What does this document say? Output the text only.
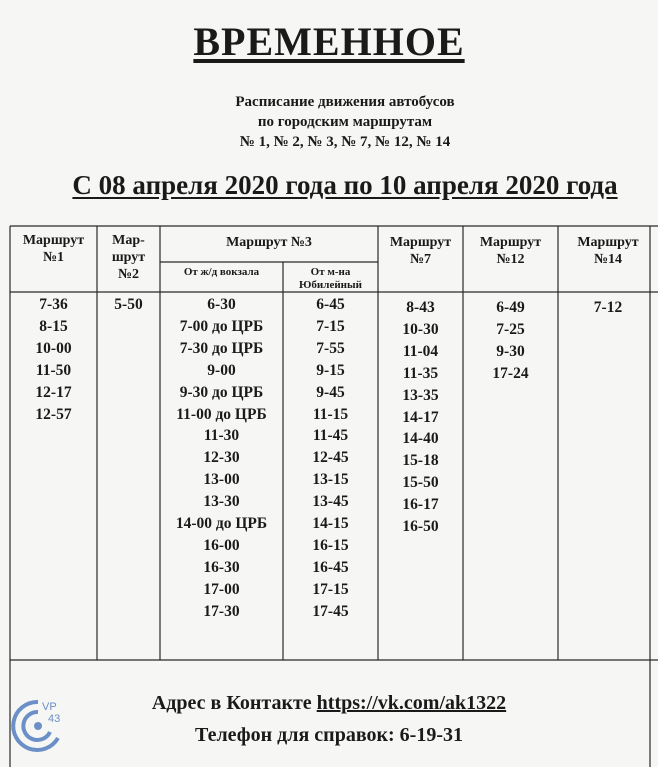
ВРЕМЕННОЕ
Расписание движения автобусов
по городским маршрутам
№ 1, № 2, № 3, № 7, № 12, № 14
С 08 апреля 2020 года по 10 апреля 2020 года
Маршрут
№1
Мар-
шрут
№2
Маршрут №3
От ж/д вокзала	От м-на
Юбилейный
Маршрут
№7
Маршрут
№12
Маршрут
№14
7-36
8-15
10-00
11-50
12-17
12-57
5-50	6-30
7-00 до ЦРБ
7-30 до ЦРБ
9-00
9-30 до ЦРБ
11-00 до ЦРБ
11-30
12-30
13-00
13-30
14-00 до ЦРБ
16-00
16-30
17-00
17-30
6-45
7-15
7-55
9-15
9-45
11-15
11-45
12-45
13-15
13-45
14-15
16-15
16-45
17-15
17-45
8-43
10-30
11-04
11-35
13-35
14-17
14-40
15-18
15-50
16-17
16-50
6-49
7-25
9-30
17-24
7-12
Адрес в Контакте https://vk.com/ak1322
Телефон для справок: 6-19-31
VP
43
